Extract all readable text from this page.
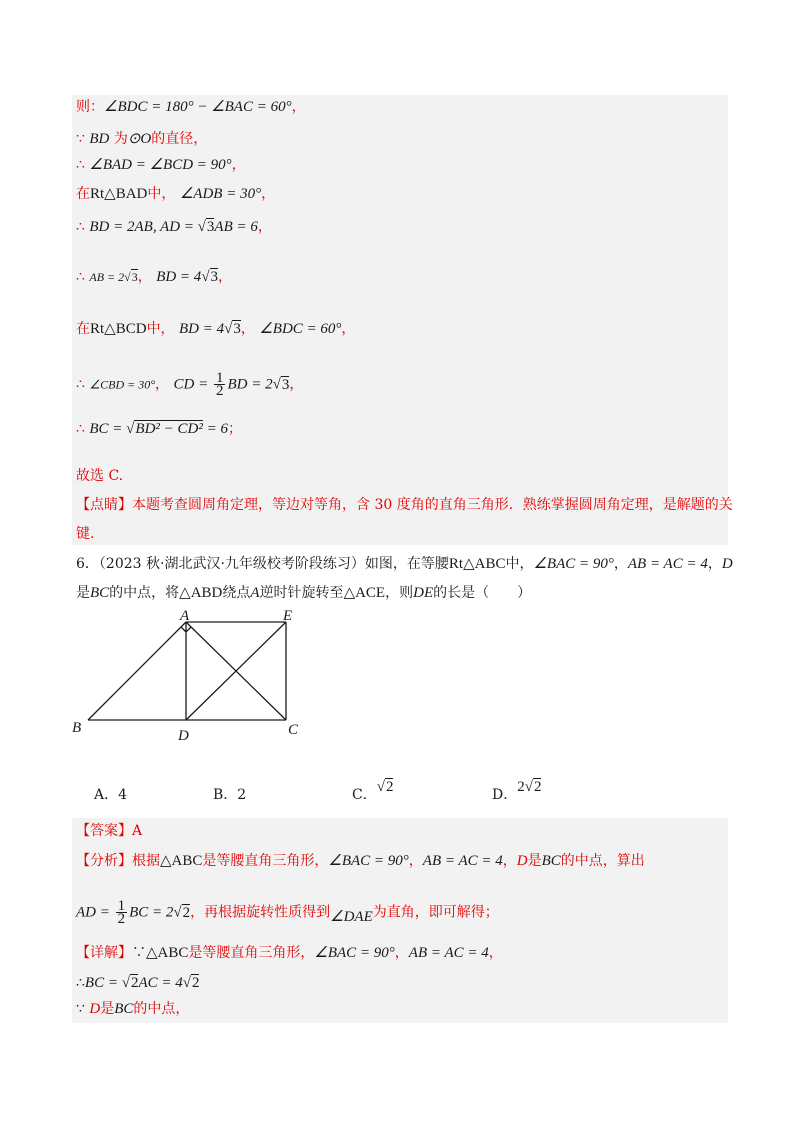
则：∠BDC = 180° − ∠BAC = 60°，
∵ BD 为⊙O的直径，
∴ ∠BAD = ∠BCD = 90°，
在Rt△BAD中， ∠ADB = 30°，
∴ BD = 2AB, AD = √3AB = 6，
∴ AB = 2√3， BD = 4√3，
在Rt△BCD中， BD = 4√3， ∠BDC = 60°，
∴ ∠CBD = 30°， CD = $\frac{1}{2}$ BD = 2√3，
∴ BC = √BD² − CD² = 6；
故选 C.
【点睛】本题考查圆周角定理，等边对等角，含 30 度角的直角三角形．熟练掌握圆周角定理，是解题的关
键.
6．（2023 秋·湖北武汉·九年级校考阶段练习）如图，在等腰Rt△ABC中，∠BAC = 90°，AB = AC = 4，D
是BC的中点，将△ABD绕点A逆时针旋转至△ACE，则DE的长是（　　）
A	E
B	D	C
A．4	B．2	C．√2	D．2√2
【答案】A
【分析】根据△ABC是等腰直角三角形，∠BAC = 90°，AB = AC = 4，D是BC的中点，算出
AD = $\frac{1}{2}$ BC = 2√2，再根据旋转性质得到∠DAE为直角，即可解得；
【详解】∵△ABC是等腰直角三角形，∠BAC = 90°，AB = AC = 4，
∴BC = √2AC = 4√2
∵ D是BC的中点，
